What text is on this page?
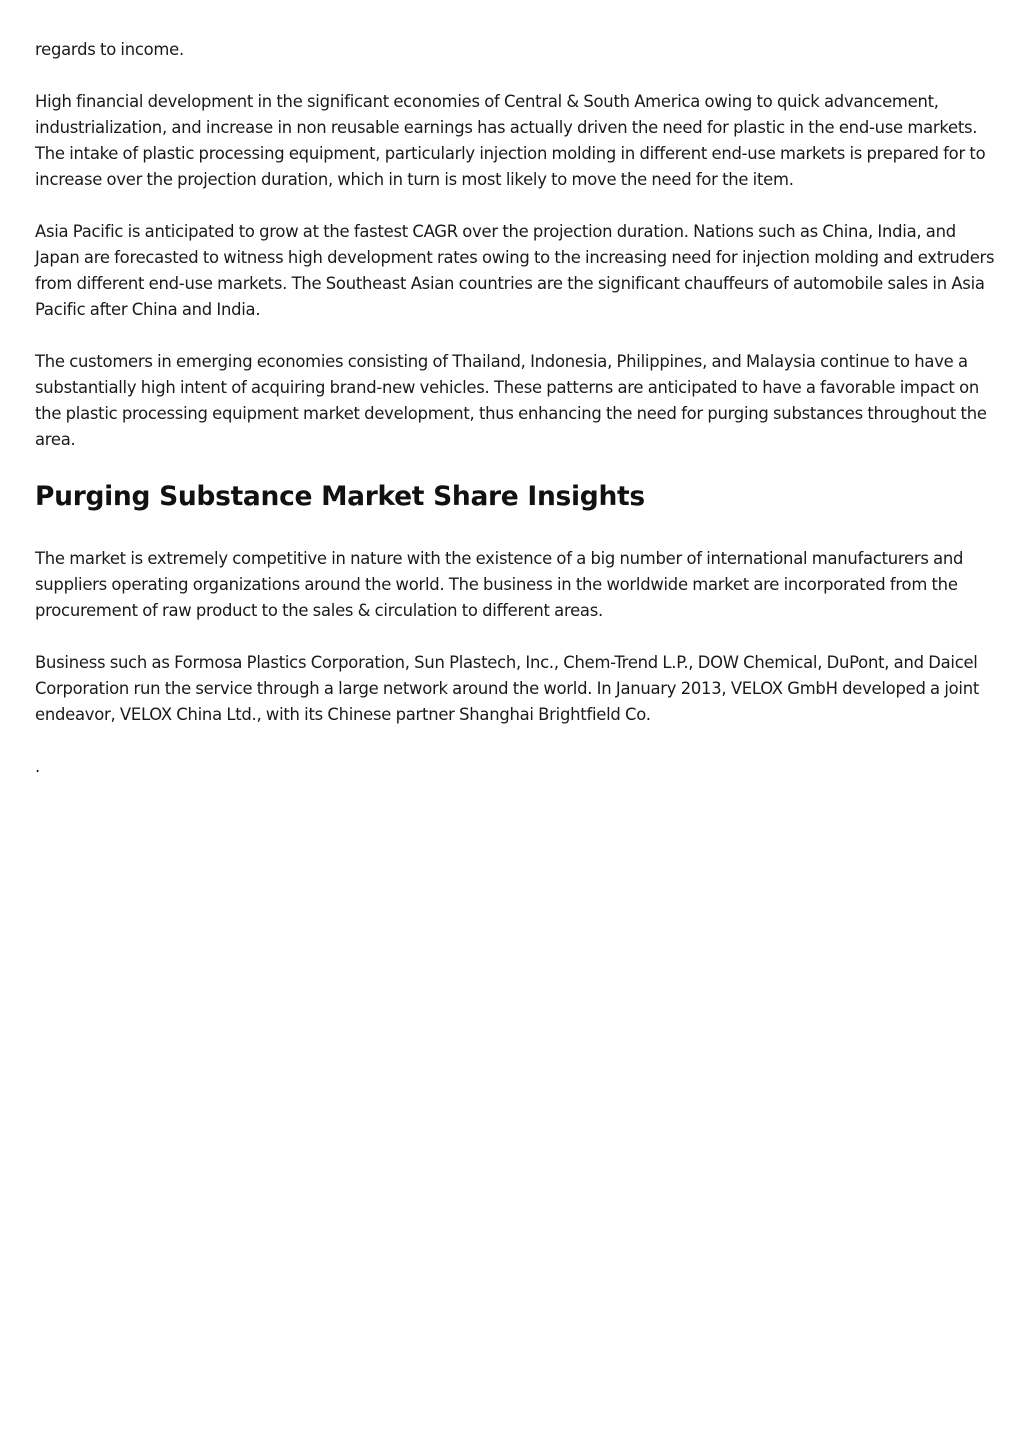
regards to income.

High financial development in the significant economies of Central & South America owing to quick advancement, industrialization, and increase in non reusable earnings has actually driven the need for plastic in the end-use markets. The intake of plastic processing equipment, particularly injection molding in different end-use markets is prepared for to increase over the projection duration, which in turn is most likely to move the need for the item.

Asia Pacific is anticipated to grow at the fastest CAGR over the projection duration. Nations such as China, India, and Japan are forecasted to witness high development rates owing to the increasing need for injection molding and extruders from different end-use markets. The Southeast Asian countries are the significant chauffeurs of automobile sales in Asia Pacific after China and India.

The customers in emerging economies consisting of Thailand, Indonesia, Philippines, and Malaysia continue to have a substantially high intent of acquiring brand-new vehicles. These patterns are anticipated to have a favorable impact on the plastic processing equipment market development, thus enhancing the need for purging substances throughout the area.

Purging Substance Market Share Insights

The market is extremely competitive in nature with the existence of a big number of international manufacturers and suppliers operating organizations around the world. The business in the worldwide market are incorporated from the procurement of raw product to the sales & circulation to different areas.

Business such as Formosa Plastics Corporation, Sun Plastech, Inc., Chem-Trend L.P., DOW Chemical, DuPont, and Daicel Corporation run the service through a large network around the world. In January 2013, VELOX GmbH developed a joint endeavor, VELOX China Ltd., with its Chinese partner Shanghai Brightfield Co.

.
